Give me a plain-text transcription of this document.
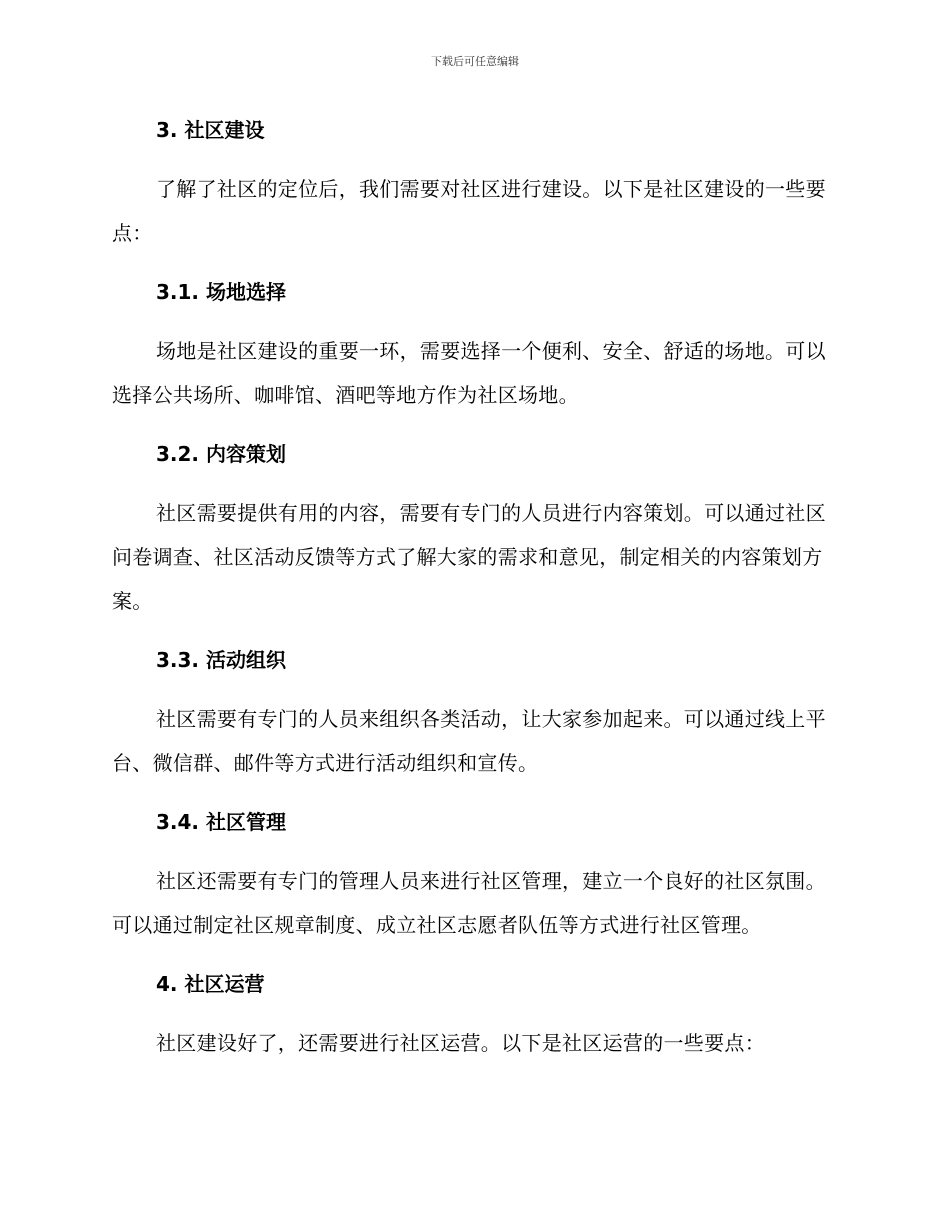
下载后可任意编辑
3. 社区建设

了解了社区的定位后，我们需要对社区进行建设。以下是社区建设的一些要点：

3.1. 场地选择

场地是社区建设的重要一环，需要选择一个便利、安全、舒适的场地。可以选择公共场所、咖啡馆、酒吧等地方作为社区场地。

3.2. 内容策划

社区需要提供有用的内容，需要有专门的人员进行内容策划。可以通过社区问卷调查、社区活动反馈等方式了解大家的需求和意见，制定相关的内容策划方案。

3.3. 活动组织

社区需要有专门的人员来组织各类活动，让大家参加起来。可以通过线上平台、微信群、邮件等方式进行活动组织和宣传。

3.4. 社区管理

社区还需要有专门的管理人员来进行社区管理，建立一个良好的社区氛围。可以通过制定社区规章制度、成立社区志愿者队伍等方式进行社区管理。

4. 社区运营

社区建设好了，还需要进行社区运营。以下是社区运营的一些要点：
